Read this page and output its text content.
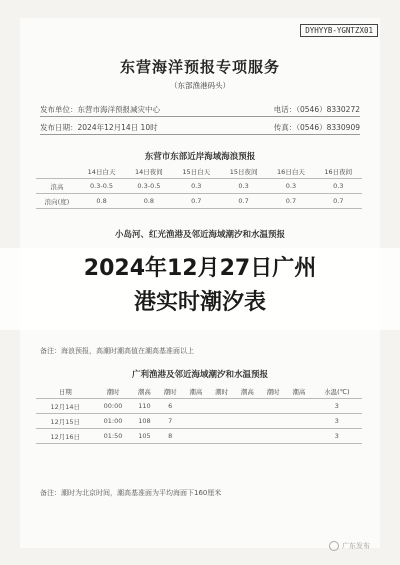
DYHYYB-YGNTZX01
东营海洋预报专项服务
（东部渔港码头）
发布单位：东营市海洋预报减灾中心	电话：（0546）8330272
发布日期：2024年12月14日 10时	传真：（0546）8330909
东营市东部近岸海域海浪预报
	14日白天	14日夜间	15日白天	15日夜间	16日白天	16日夜间
浪高	0.3-0.5	0.3-0.5	0.3	0.3	0.3	0.3
浪向(度)	0.8	0.8	0.7	0.7	0.7	0.7
小岛河、红光渔港及邻近海域潮汐和水温预报
2024年12月27日广州
港实时潮汐表
备注：海浪预报，高潮时潮高值在潮高基准面以上
广利渔港及邻近海域潮汐和水温预报
日期	潮时	潮高	潮时	潮高	潮时	潮高	潮时	潮高	水温(℃)
12月14日	00:00	110	6						3
12月15日	01:00	108	7						3
12月16日	01:50	105	8						3
备注：潮时为北京时间，潮高基准面为平均海面下160厘米
广东发布
